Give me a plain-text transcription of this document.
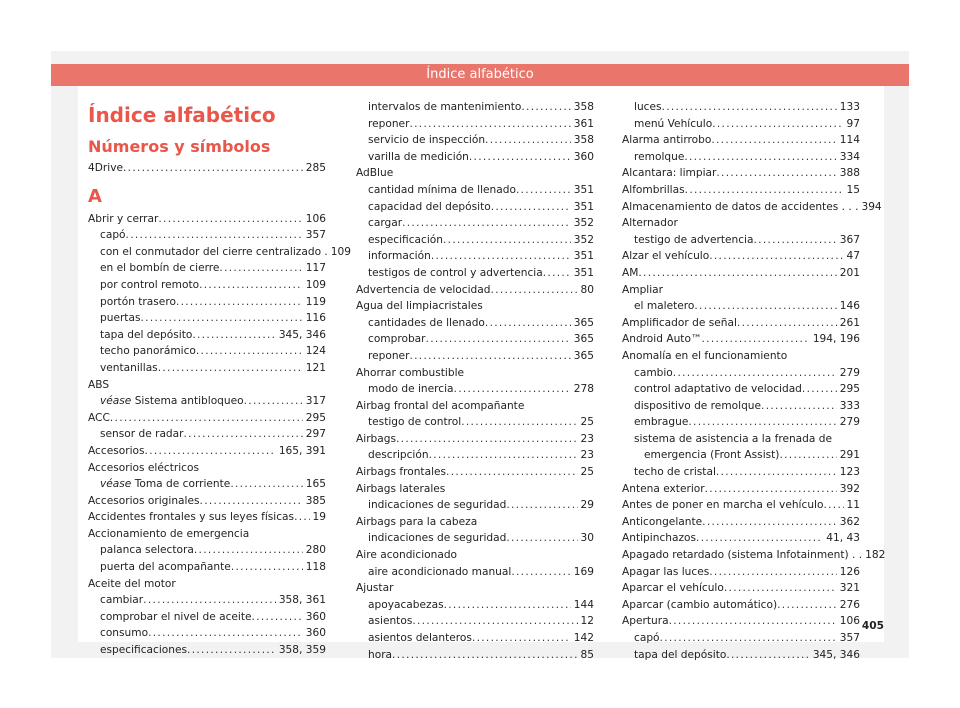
Índice alfabético
Índice alfabético
Números y símbolos
4Drive .....	285
A
Abrir y cerrar .....	106
capó .....	357
con el conmutador del cierre centralizado . 109
en el bombín de cierre .....	117
por control remoto .....	109
portón trasero .....	119
puertas .....	116
tapa del depósito .....	345, 346
techo panorámico .....	124
ventanillas .....	121
ABS
véase Sistema antibloqueo .....	317
ACC .....	295
sensor de radar .....	297
Accesorios .....	165, 391
Accesorios eléctricos
véase Toma de corriente .....	165
Accesorios originales .....	385
Accidentes frontales y sus leyes físicas ..... 19
Accionamiento de emergencia
palanca selectora .....	280
puerta del acompañante .....	118
Aceite del motor
cambiar .....	358, 361
comprobar el nivel de aceite .....	360
consumo .....	360
especificaciones .....	358, 359
intervalos de mantenimiento .....	358
reponer .....	361
servicio de inspección .....	358
varilla de medición .....	360
AdBlue
cantidad mínima de llenado .....	351
capacidad del depósito .....	351
cargar .....	352
especificación .....	352
información .....	351
testigos de control y advertencia .....	351
Advertencia de velocidad .....	80
Agua del limpiacristales
cantidades de llenado .....	365
comprobar .....	365
reponer .....	365
Ahorrar combustible
modo de inercia .....	278
Airbag frontal del acompañante
testigo de control .....	25
Airbags .....	23
descripción .....	23
Airbags frontales .....	25
Airbags laterales
indicaciones de seguridad .....	29
Airbags para la cabeza
indicaciones de seguridad .....	30
Aire acondicionado
aire acondicionado manual .....	169
Ajustar
apoyacabezas .....	144
asientos .....	12
asientos delanteros .....	142
hora .....	85
luces .....	133
menú Vehículo .....	97
Alarma antirrobo .....	114
remolque .....	334
Alcantara: limpiar .....	388
Alfombrillas .....	15
Almacenamiento de datos de accidentes . . . 394
Alternador
testigo de advertencia .....	367
Alzar el vehículo .....	47
AM .....	201
Ampliar
el maletero .....	146
Amplificador de señal .....	261
Android Auto™ .....	194, 196
Anomalía en el funcionamiento
cambio .....	279
control adaptativo de velocidad .....	295
dispositivo de remolque .....	333
embrague .....	279
sistema de asistencia a la frenada de
emergencia (Front Assist) .....	291
techo de cristal .....	123
Antena exterior .....	392
Antes de poner en marcha el vehículo ..... 11
Anticongelante .....	362
Antipinchazos .....	41, 43
Apagado retardado (sistema Infotainment) . . 182
Apagar las luces .....	126
Aparcar el vehículo .....	321
Aparcar (cambio automático) .....	276
Apertura .....	106
capó .....	357
tapa del depósito .....	345, 346
405
